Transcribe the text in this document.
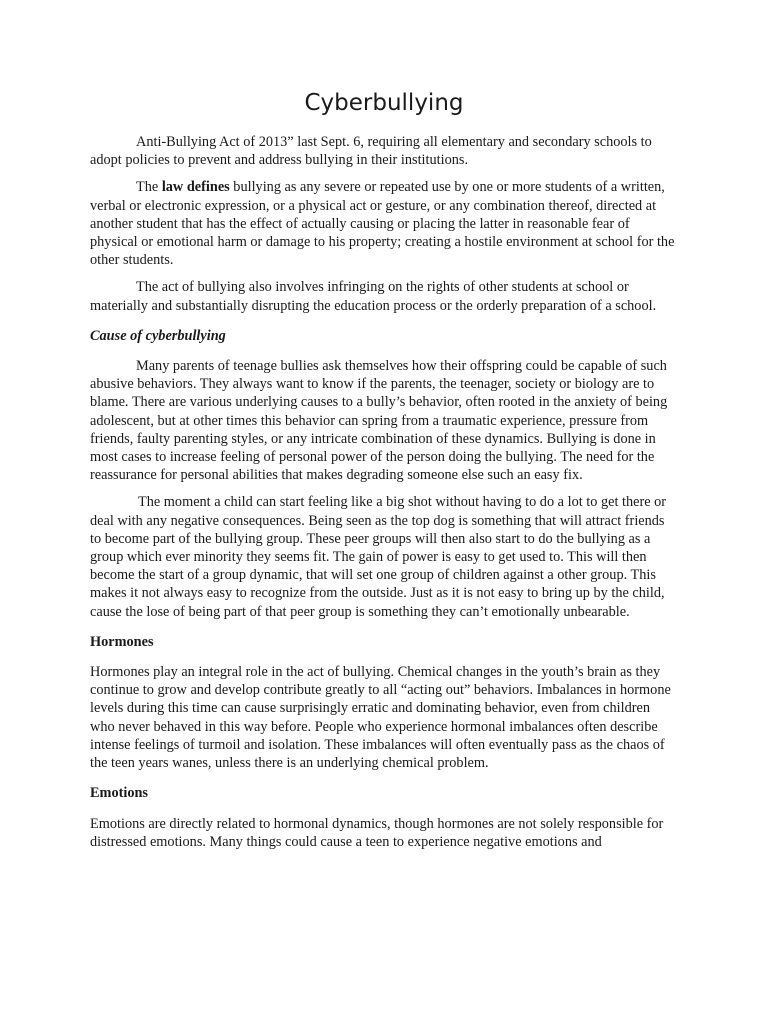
Cyberbullying

Anti-Bullying Act of 2013” last Sept. 6, requiring all elementary and secondary schools to adopt policies to prevent and address bullying in their institutions.

The law defines bullying as any severe or repeated use by one or more students of a written, verbal or electronic expression, or a physical act or gesture, or any combination thereof, directed at another student that has the effect of actually causing or placing the latter in reasonable fear of physical or emotional harm or damage to his property; creating a hostile environment at school for the other students.

The act of bullying also involves infringing on the rights of other students at school or materially and substantially disrupting the education process or the orderly preparation of a school.

Cause of cyberbullying

Many parents of teenage bullies ask themselves how their offspring could be capable of such abusive behaviors. They always want to know if the parents, the teenager, society or biology are to blame. There are various underlying causes to a bully’s behavior, often rooted in the anxiety of being adolescent, but at other times this behavior can spring from a traumatic experience, pressure from friends, faulty parenting styles, or any intricate combination of these dynamics. Bullying is done in most cases to increase feeling of personal power of the person doing the bullying. The need for the reassurance for personal abilities that makes degrading someone else such an easy fix.

The moment a child can start feeling like a big shot without having to do a lot to get there or deal with any negative consequences. Being seen as the top dog is something that will attract friends to become part of the bullying group. These peer groups will then also start to do the bullying as a group which ever minority they seems fit. The gain of power is easy to get used to. This will then become the start of a group dynamic, that will set one group of children against a other group. This makes it not always easy to recognize from the outside. Just as it is not easy to bring up by the child, cause the lose of being part of that peer group is something they can’t emotionally unbearable.

Hormones

Hormones play an integral role in the act of bullying. Chemical changes in the youth’s brain as they continue to grow and develop contribute greatly to all “acting out” behaviors. Imbalances in hormone levels during this time can cause surprisingly erratic and dominating behavior, even from children who never behaved in this way before. People who experience hormonal imbalances often describe intense feelings of turmoil and isolation. These imbalances will often eventually pass as the chaos of the teen years wanes, unless there is an underlying chemical problem.

Emotions

Emotions are directly related to hormonal dynamics, though hormones are not solely responsible for distressed emotions. Many things could cause a teen to experience negative emotions and
